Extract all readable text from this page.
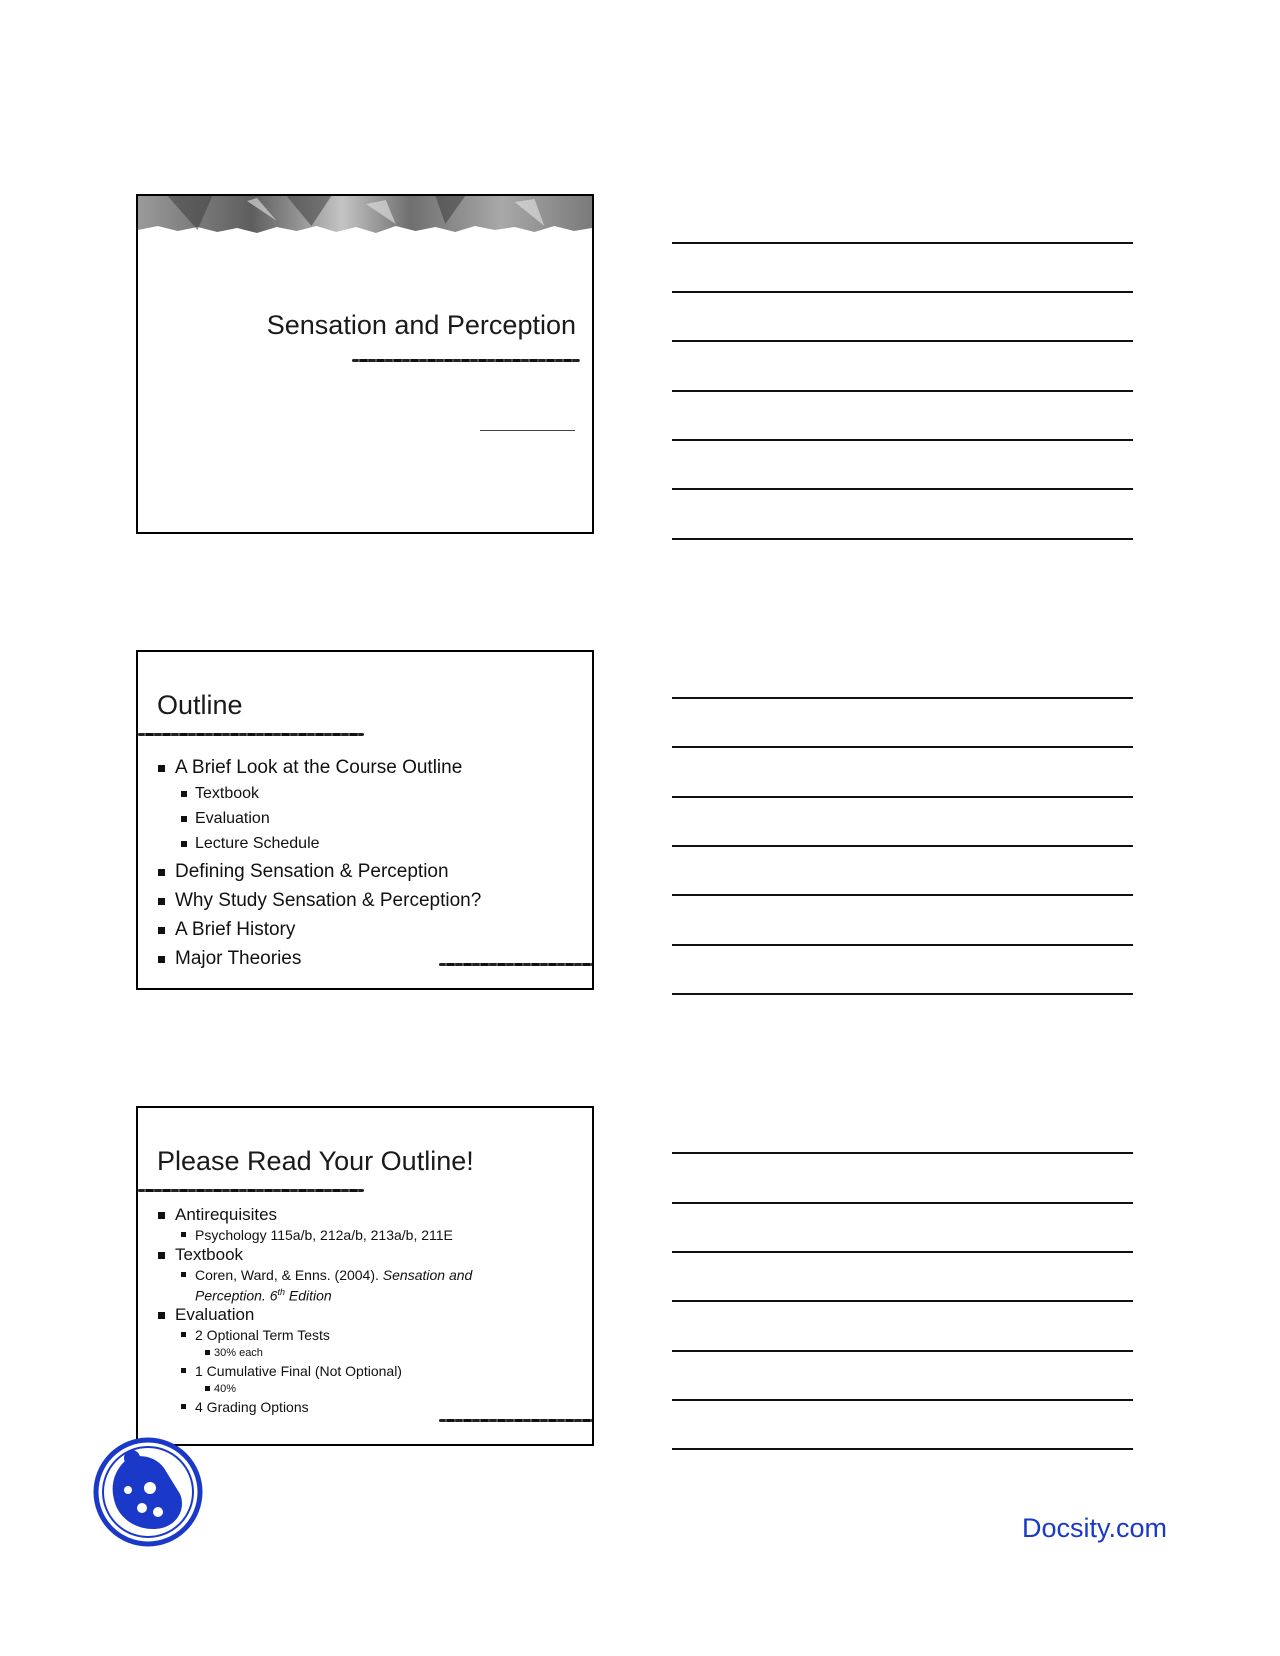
Sensation and Perception
Outline
A Brief Look at the Course Outline
Textbook
Evaluation
Lecture Schedule
Defining Sensation & Perception
Why Study Sensation & Perception?
A Brief History
Major Theories
Please Read Your Outline!
Antirequisites
Psychology 115a/b, 212a/b, 213a/b, 211E
Textbook
Coren, Ward, & Enns. (2004). Sensation and
Perception. 6th Edition
Evaluation
2 Optional Term Tests
30% each
1 Cumulative Final (Not Optional)
40%
4 Grading Options
Docsity.com
